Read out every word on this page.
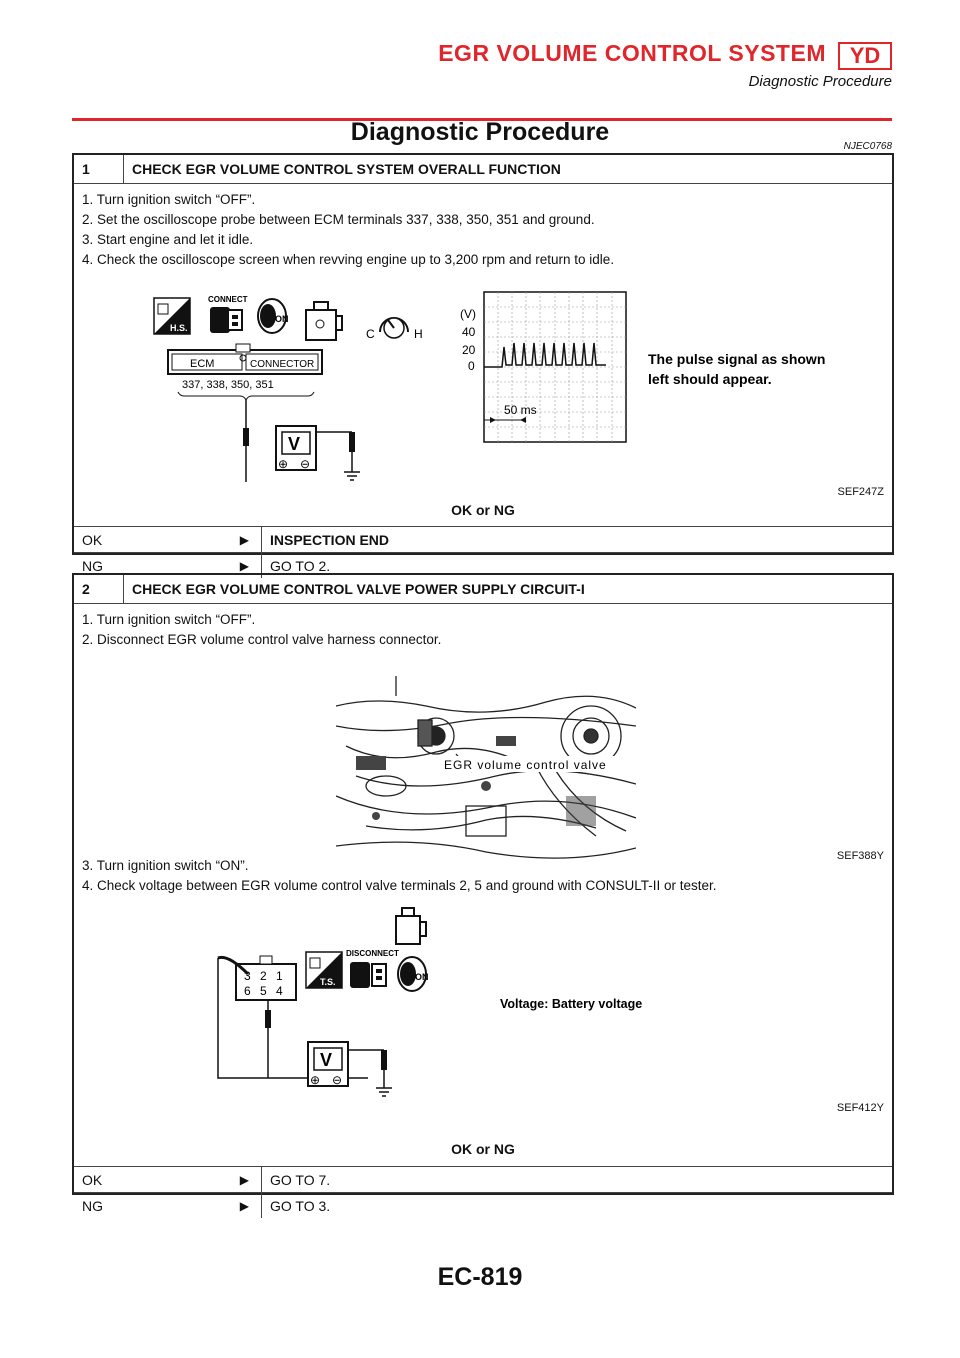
EGR VOLUME CONTROL SYSTEM	YD
Diagnostic Procedure
Diagnostic Procedure
NJEC0768
1	CHECK EGR VOLUME CONTROL SYSTEM OVERALL FUNCTION
1. Turn ignition switch “OFF”.
2. Set the oscilloscope probe between ECM terminals 337, 338, 350, 351 and ground.
3. Start engine and let it idle.
4. Check the oscilloscope screen when revving engine up to 3,200 rpm and return to idle.
H.S.
CONNECT
ON
C	H
ECM	CONNECTOR
337, 338, 350, 351
V
⊕ ⊖
(V)
40
20
0
50 ms
The pulse signal as shown
left should appear.
SEF247Z
OK or NG
OK	▶	INSPECTION END
NG	▶	GO TO 2.
2	CHECK EGR VOLUME CONTROL VALVE POWER SUPPLY CIRCUIT-I
1. Turn ignition switch “OFF”.
2. Disconnect EGR volume control valve harness connector.
EGR volume control valve
SEF388Y
3. Turn ignition switch “ON”.
4. Check voltage between EGR volume control valve terminals 2, 5 and ground with CONSULT-II or tester.
T.S.
DISCONNECT
ON
3 2 1
6 5 4
V
⊕ ⊖
Voltage: Battery voltage
SEF412Y
OK or NG
OK	▶	GO TO 7.
NG	▶	GO TO 3.
EC-819
